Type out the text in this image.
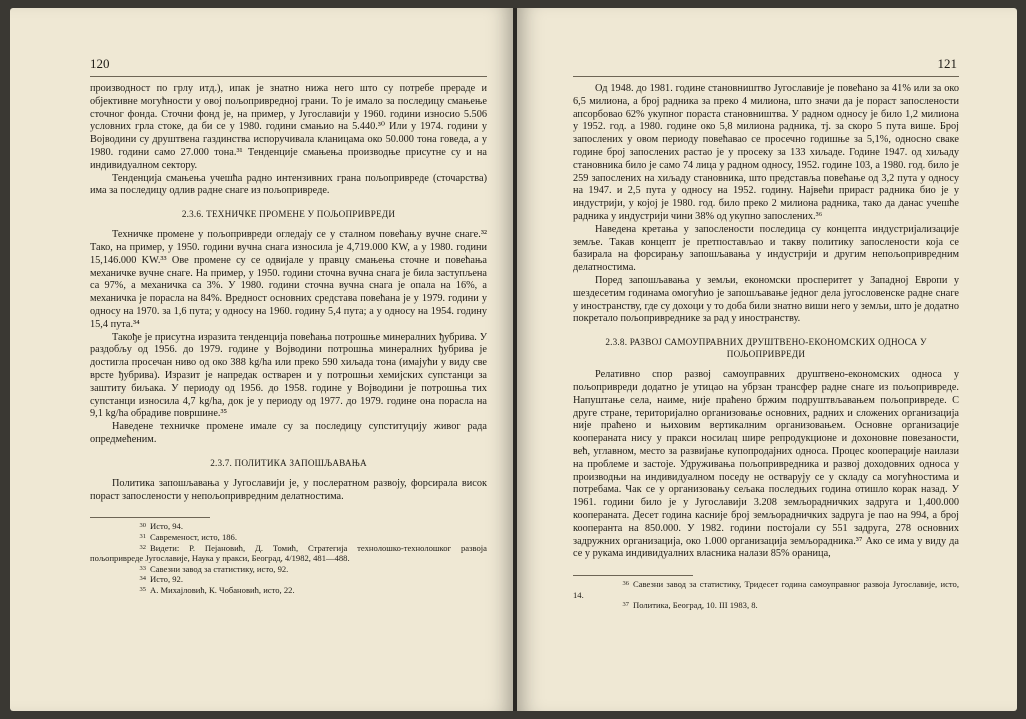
120

производност по грлу итд.), ипак је знатно нижа него што су потребе прераде и објективне могућности у овој пољопривредној грани. То је имало за последицу смањење сточног фонда. Сточни фонд је, на пример, у Југославији у 1960. години износио 5.506 условних грла стоке, да би се у 1980. години смањио на 5.440.³⁰ Или у 1974. години у Војводини су друштвена газдинства испоручивала кланицама око 50.000 тона говеда, а у 1980. години само 27.000 тона.³¹ Тенденције смањења производње присутне су и на индивидуалном сектору.

Тенденција смањења учешћа радно интензивних грана пољопривреде (сточарства) има за последицу одлив радне снаге из пољопривреде.

2.3.6. ТЕХНИЧКЕ ПРОМЕНЕ У ПОЉОПРИВРЕДИ

Техничке промене у пољопривреди огледају се у сталном повећању вучне снаге.³² Тако, на пример, у 1950. години вучна снага износила је 4,719.000 KW, а у 1980. години 15,146.000 KW.³³ Ове промене су се одвијале у правцу смањења сточне и повећања механичке вучне снаге. На пример, у 1950. години сточна вучна снага је била заступљена са 97%, а механичка са 3%. У 1980. години сточна вучна снага је опала на 16%, а механичка је порасла на 84%. Вредност основних средстава повећана је у 1979. години у односу на 1970. за 1,6 пута; у односу на 1960. годину 5,4 пута; а у односу на 1954. годину 15,4 пута.³⁴

Такође је присутна изразита тенденција повећања потрошње минералних ђубрива. У раздобљу од 1956. до 1979. године у Војводини потрошња минералних ђубрива је достигла просечан ниво од око 388 kg/ha или преко 590 хиљада тона (имајући у виду све врсте ђубрива). Изразит је напредак остварен и у потрошњи хемијских супстанци за заштиту биљака. У периоду од 1956. до 1958. године у Војводини је потрошња тих супстанци износила 4,7 kg/ha, док је у периоду од 1977. до 1979. године она порасла на 9,1 kg/ha обрадиве површине.³⁵

Наведене техничке промене имале су за последицу супституцију живог рада опредмећеним.

2.3.7. ПОЛИТИКА ЗАПОШЉАВАЊА

Политика запошљавања у Југославији је, у послератном развоју, форсирала висок пораст запослености у непољопривредним делатностима.

30 Исто, 94.

31 Савременост, исто, 186.

32 Видети: Р. Пејановић, Д. Томић, Стратегија технолошко-технолошког развоја пољопривреде Југославије, Наука у пракси, Београд, 4/1982, 481—488.

33 Савезни завод за статистику, исто, 92.

34 Исто, 92.

35 А. Михајловић, К. Чобановић, исто, 22.

121

Од 1948. до 1981. године становништво Југославије је повећано за 41% или за око 6,5 милиона, а број радника за преко 4 милиона, што значи да је пораст запослености апсорбовао 62% укупног пораста становништва. У радном односу је било 1,2 милиона у 1952. год. а 1980. године око 5,8 милиона радника, тј. за скоро 5 пута више. Број запослених у овом периоду повећавао се просечно годишње за 5,1%, односно сваке године број запослених растао је у просеку за 133 хиљаде. Године 1947. од хиљаду становника било је само 74 лица у радном односу, 1952. године 103, а 1980. год. било је 259 запослених на хиљаду становника, што представља повећање од 3,2 пута у односу на 1947. и 2,5 пута у односу на 1952. годину. Највећи прираст радника био је у индустрији, у којој је 1980. год. било преко 2 милиона радника, тако да данас учешће радника у индустрији чини 38% од укупно запослених.³⁶

Наведена кретања у запослености последица су концепта индустријализације земље. Такав концепт је претпостављао и такву политику запослености која се базирала на форсирању запошљавања у индустрији и другим непољопривредним делатностима.

Поред запошљавања у земљи, економски просперитет у Западној Европи у шездесетим годинама омогућио је запошљавање једног дела југословенске радне снаге у иностранству, где су дохоци у то доба били знатно виши него у земљи, што је додатно покретало пољопривреднике за рад у иностранству.

2.3.8. РАЗВОЈ САМОУПРАВНИХ ДРУШТВЕНО-ЕКОНОМСКИХ ОДНОСА У ПОЉОПРИВРЕДИ

Релативно спор развој самоуправних друштвено-економских односа у пољопривреди додатно је утицао на убрзан трансфер радне снаге из пољопривреде. Напуштање села, наиме, није праћено бржим подруштвљавањем пољопривреде. С друге стране, територијално организовање основних, радних и сложених организација није праћено и њиховим вертикалним организовањем. Основне организације коопераната нису у пракси носилац шире репродукционе и дохоновне повезаности, већ, углавном, место за развијање купопродајних односа. Процес кооперације наилази на проблеме и застоје. Удруживања пољопривредника и развој доходовних односа у производњи на индивидуалном поседу не остварују се у складу са могућностима и потребама. Чак се у организовању сељака последњих година отишло корак назад. У 1961. години било је у Југославији 3.208 земљорадничких задруга и 1,400.000 коопераната. Десет година касније број земљорадничких задруга је пао на 994, а број кооперанта на 850.000. У 1982. години постојали су 551 задруга, 278 основних задружних организација, око 1.000 организација земљорадника.³⁷ Ако се има у виду да се у рукама индивидуалних власника налази 85% ораница,

36 Савезни завод за статистику, Тридесет година самоуправног развоја Југославије, исто, 14.

37 Политика, Београд, 10. III 1983, 8.
